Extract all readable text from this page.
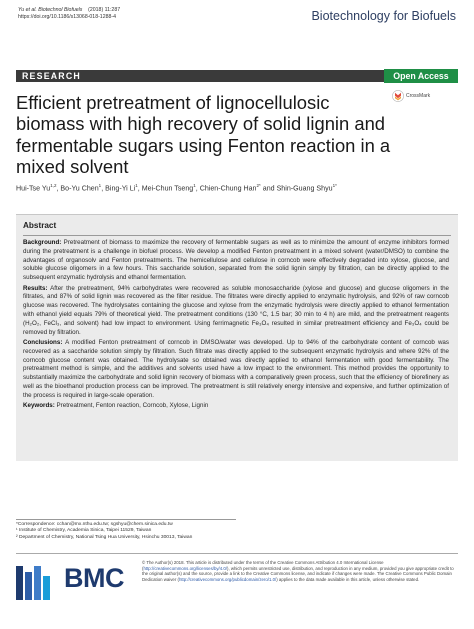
Yu et al. Biotechnol Biofuels (2018) 11:287
https://doi.org/10.1186/s13068-018-1288-4	Biotechnology for Biofuels
RESEARCH	Open Access
CrossMark
Efficient pretreatment of lignocellulosic biomass with high recovery of solid lignin and fermentable sugars using Fenton reaction in a mixed solvent
Hui-Tse Yu$^{1,2}$, Bo-Yu Chen$^1$, Bing-Yi Li$^1$, Mei-Chun Tseng$^1$, Chien-Chung Han$^{2*}$ and Shin-Guang Shyu$^{1*}$
Abstract

Background: Pretreatment of biomass to maximize the recovery of fermentable sugars as well as to minimize the amount of enzyme inhibitors formed during the pretreatment is a challenge in biofuel process. We develop a modified Fenton pretreatment in a mixed solvent (water/DMSO) to combine the advantages of organosolv and Fenton pretreatments. The hemicellulose and cellulose in corncob were effectively degraded into xylose, glucose, and soluble glucose oligomers in a few hours. This saccharide solution, separated from the solid lignin simply by filtration, can be directly applied to the subsequent enzymatic hydrolysis and ethanol fermentation.

Results: After the pretreatment, 94% carbohydrates were recovered as soluble monosaccharide (xylose and glucose) and glucose oligomers in the filtrates, and 87% of solid lignin was recovered as the filter residue. The filtrates were directly applied to enzymatic hydrolysis, and 92% of raw corncob glucose was recovered. The hydrolysates containing the glucose and xylose from the enzymatic hydrolysis were directly applied to ethanol fermentation with ethanol yield equals 79% of theoretical yield. The pretreatment conditions (130 °C, 1.5 bar; 30 min to 4 h) are mild, and the pretreatment reagents (H₂O₂, FeCl₃, and solvent) had low impact to environment. Using ferrimagnetic Fe₃O₄ resulted in similar pretreatment efficiency and Fe₃O₄ could be removed by filtration.

Conclusions: A modified Fenton pretreatment of corncob in DMSO/water was developed. Up to 94% of the carbohydrate content of corncob was recovered as a saccharide solution simply by filtration. Such filtrate was directly applied to the subsequent enzymatic hydrolysis and where 92% of the corncob glucose content was obtained. The hydrolysate so obtained was directly applied to ethanol fermentation with good fermentability. The pretreatment method is simple, and the additives and solvents used have a low impact to the environment. This method provides the opportunity to substantially maximize the carbohydrate and solid lignin recovery of biomass with a comparatively green process, such that the efficiency of biorefinery as well as the bioethanol production process can be improved. The pretreatment is still relatively energy intensive and expensive, and further optimization of the process is required in large-scale operation.

Keywords: Pretreatment, Fenton reaction, Corncob, Xylose, Lignin

*Correspondence: cchan@mx.nthu.edu.tw; sgshyu@chem.sinica.edu.tw

¹ Institute of Chemistry, Academia Sinica, Taipei 11529, Taiwan

² Department of Chemistry, National Tsing Hua University, Hsinchu 30013, Taiwan

BMC
© The Author(s) 2018. This article is distributed under the terms of the Creative Commons Attribution 4.0 International License (http://creativecommons.org/licenses/by/4.0/), which permits unrestricted use, distribution, and reproduction in any medium, provided you give appropriate credit to the original author(s) and the source, provide a link to the Creative Commons license, and indicate if changes were made. The Creative Commons Public Domain Dedication waiver (http://creativecommons.org/publicdomain/zero/1.0/) applies to the data made available in this article, unless otherwise stated.
